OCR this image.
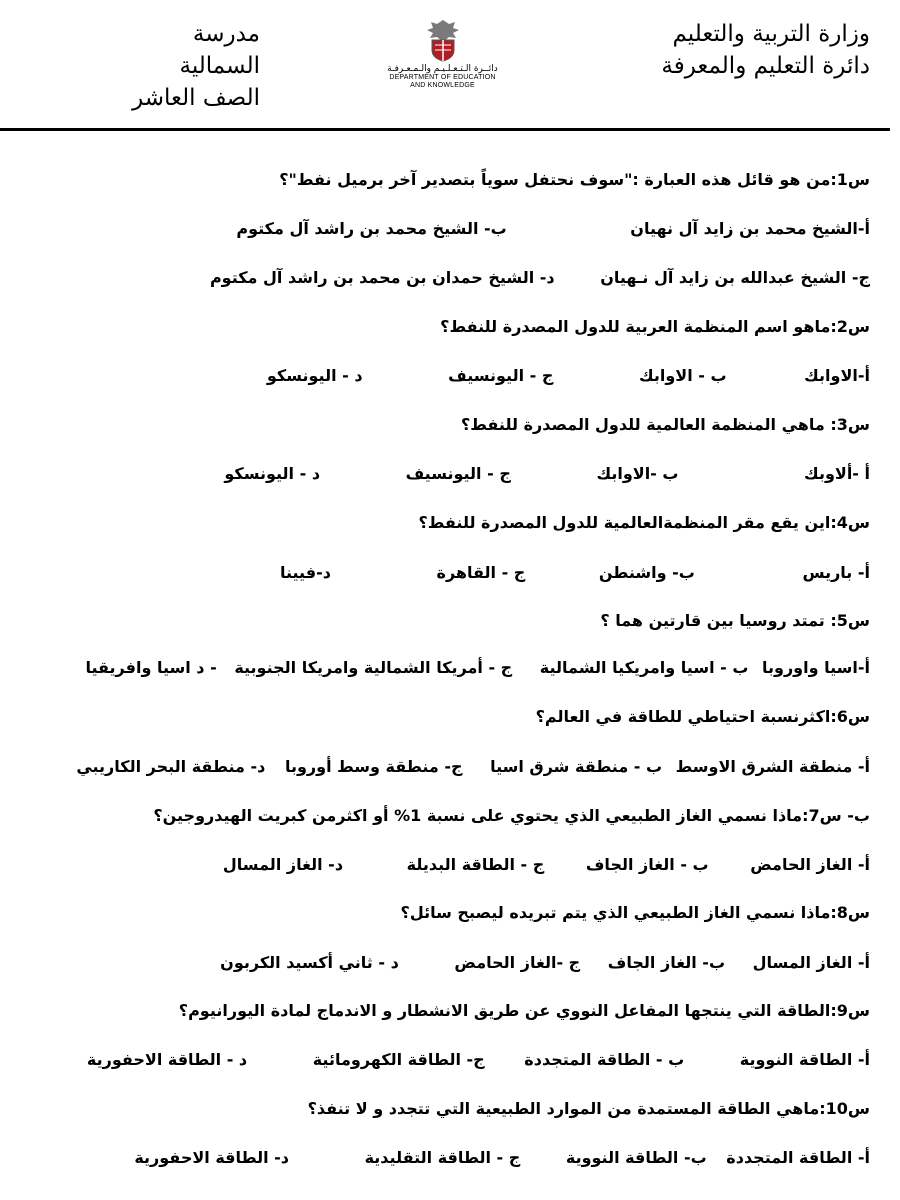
وزارة التربية والتعليم
دائرة التعليم والمعرفة
دائــرة الـتـعـلـيـم والـمـعـرفـة
DEPARTMENT OF EDUCATION
AND KNOWLEDGE
مدرسة السمالية
الصف العاشر
س1:من هو قائل هذه العبارة :"سوف نحتفل سوياً بتصدير آخر برميل نفط"؟
أ-الشيخ محمد بن زايد آل نهيان ب- الشيخ محمد بن راشد آل مكتوم
ج- الشيخ عبدالله بن زايد آل نـهيان د- الشيخ حمدان بن محمد بن راشد آل مكتوم
س2:ماهو اسم المنظمة العربية للدول المصدرة للنفط؟
أ-الاوابك ب - الاوابك ج - اليونسيف د - اليونسكو
س3: ماهي المنظمة العالمية للدول المصدرة للنفط؟
أ -ألاوبك ب -الاوابك ج - اليونسيف د - اليونسكو
س4:اين يقع مقر المنظمةالعالمية للدول المصدرة للنفط؟
أ- باريس ب- واشنطن ج - القاهرة د-فيينا
س5: تمتد روسيا بين قارتين هما ؟
أ-اسيا واوروبا ب - اسيا وامريكيا الشمالية ج - أمريكا الشمالية وامريكا الجنوبية - د اسيا وافريقيا
س6:اكثرنسبة احتياطي للطاقة في العالم؟
أ- منطقة الشرق الاوسط ب - منطقة شرق اسيا ج- منطقة وسط أوروبا د- منطقة البحر الكاريبي
ب- س7:ماذا نسمي الغاز الطبيعي الذي يحتوي على نسبة 1% أو اكثرمن كبريت الهيدروجين؟
أ- الغاز الحامض ب - الغاز الجاف ج - الطاقة البديلة د- الغاز المسال
س8:ماذا نسمي الغاز الطبيعي الذي يتم تبريده ليصبح سائل؟
أ- الغاز المسال ب- الغاز الجاف ج -الغاز الحامض د - ثاني أكسيد الكربون
س9:الطاقة التي ينتجها المفاعل النووي عن طريق الانشطار و الاندماج لمادة اليورانيوم؟
أ- الطاقة النووية ب - الطاقة المتجددة ج- الطاقة الكهرومائية د - الطاقة الاحفورية
س10:ماهي الطاقة المستمدة من الموارد الطبيعية التي تتجدد و لا تنفذ؟
أ- الطاقة المتجددة ب- الطاقة النووية ج - الطاقة التقليدية د- الطاقة الاحفورية
